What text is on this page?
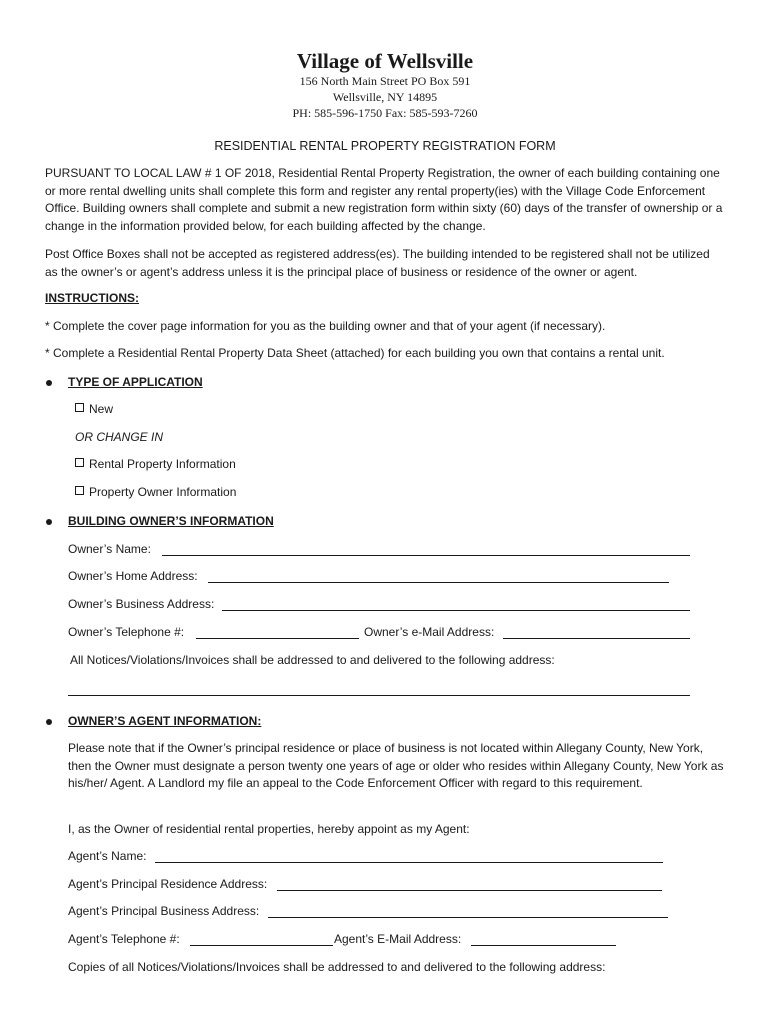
Village of Wellsville

156 North Main Street PO Box 591

Wellsville, NY 14895

PH: 585-596-1750 Fax: 585-593-7260

RESIDENTIAL RENTAL PROPERTY REGISTRATION FORM

PURSUANT TO LOCAL LAW # 1 OF 2018, Residential Rental Property Registration, the owner of each building containing one or more rental dwelling units shall complete this form and register any rental property(ies) with the Village Code Enforcement Office. Building owners shall complete and submit a new registration form within sixty (60) days of the transfer of ownership or a change in the information provided below, for each building affected by the change.

Post Office Boxes shall not be accepted as registered address(es). The building intended to be registered shall not be utilized as the owner’s or agent’s address unless it is the principal place of business or residence of the owner or agent.

INSTRUCTIONS:

* Complete the cover page information for you as the building owner and that of your agent (if necessary).

* Complete a Residential Rental Property Data Sheet (attached) for each building you own that contains a rental unit.

TYPE OF APPLICATION

New

OR CHANGE IN

Rental Property Information

Property Owner Information

BUILDING OWNER’S INFORMATION

Owner’s Name:

Owner’s Home Address:

Owner’s Business Address:

Owner’s Telephone #:	Owner’s e-Mail Address:

All Notices/Violations/Invoices shall be addressed to and delivered to the following address:

OWNER’S AGENT INFORMATION:

Please note that if the Owner’s principal residence or place of business is not located within Allegany County, New York, then the Owner must designate a person twenty one years of age or older who resides within Allegany County, New York as his/her/ Agent. A Landlord my file an appeal to the Code Enforcement Officer with regard to this requirement.

I, as the Owner of residential rental properties, hereby appoint as my Agent:

Agent’s Name:

Agent’s Principal Residence Address:

Agent’s Principal Business Address:

Agent’s Telephone #:	Agent’s E-Mail Address:

Copies of all Notices/Violations/Invoices shall be addressed to and delivered to the following address:
